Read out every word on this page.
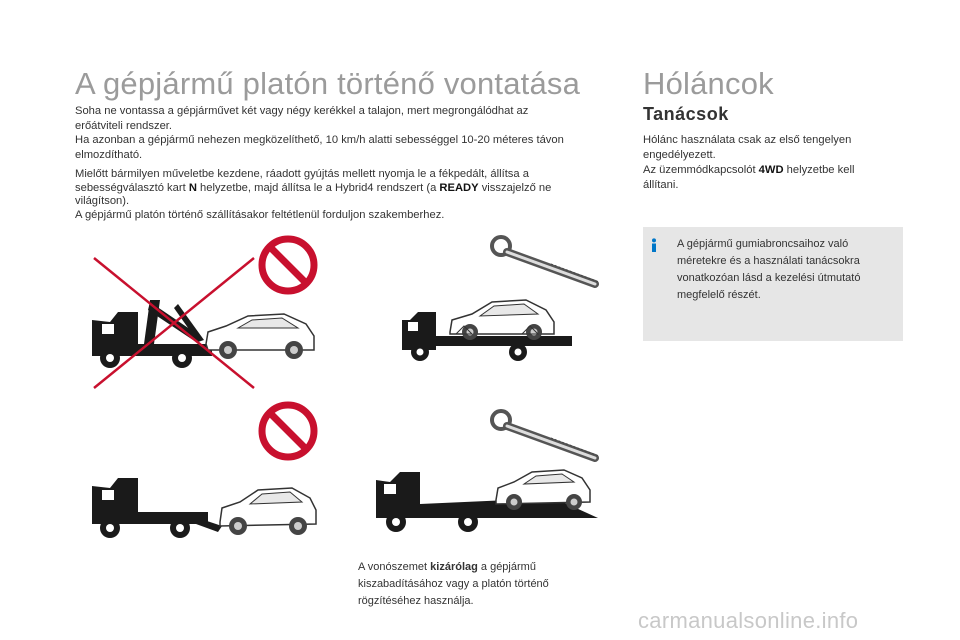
A gépjármű platón történő vontatása
Soha ne vontassa a gépjárművet két vagy négy kerékkel a talajon, mert megrongálódhat az
erőátviteli rendszer.
Ha azonban a gépjármű nehezen megközelíthető, 10 km/h alatti sebességgel 10-20 méteres távon
elmozdítható.
Mielőtt bármilyen műveletbe kezdene, ráadott gyújtás mellett nyomja le a fékpedált, állítsa a
sebességválasztó kart N helyzetbe, majd állítsa le a Hybrid4 rendszert (a READY visszajelző ne
világítson).
A gépjármű platón történő szállításakor feltétlenül forduljon szakemberhez.
A vonószemet kizárólag a gépjármű
kiszabadításához vagy a platón történő
rögzítéséhez használja.
Hóláncok
Tanácsok
Hólánc használata csak az első tengelyen
engedélyezett.
Az üzemmódkapcsolót 4WD helyzetbe kell
állítani.
A gépjármű gumiabroncsaihoz való
méretekre és a használati tanácsokra
vonatkozóan lásd a kezelési útmutató
megfelelő részét.
carmanualsonline.info
